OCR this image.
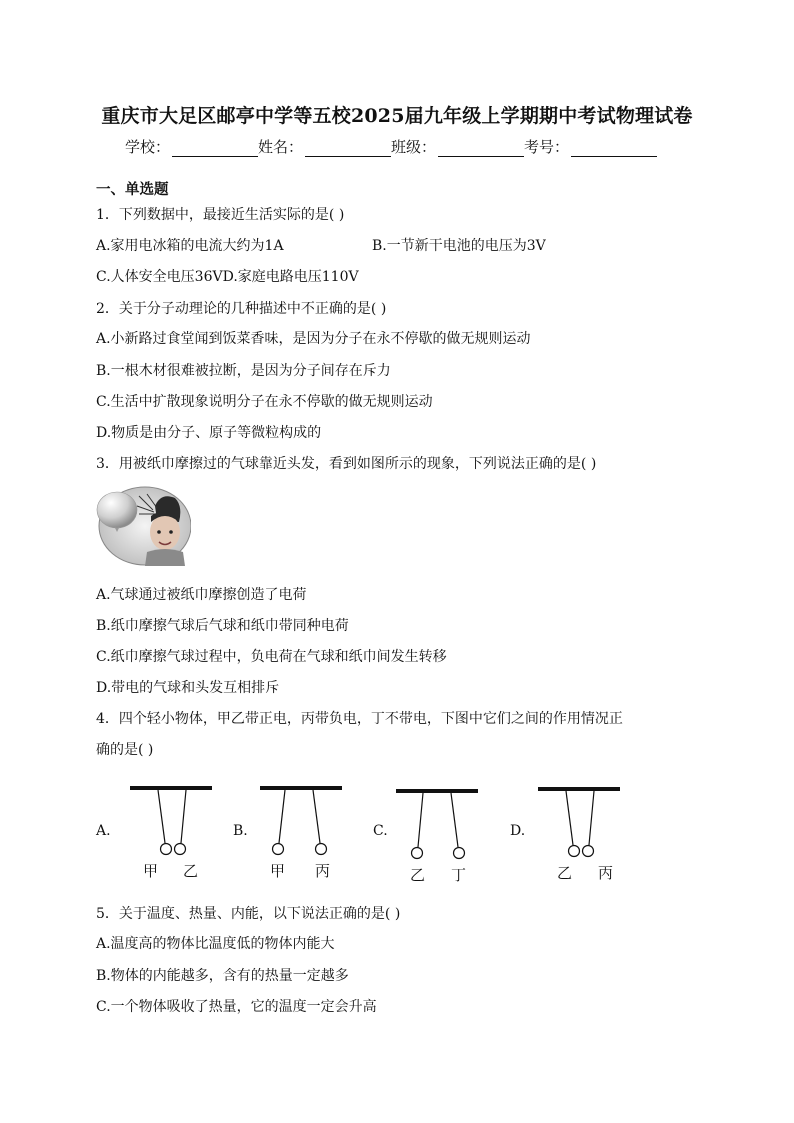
重庆市大足区邮亭中学等五校2025届九年级上学期期中考试物理试卷
学校：	姓名：	班级：	考号：
一、单选题
1．下列数据中，最接近生活实际的是( )
A.家用电冰箱的电流大约为1A	B.一节新干电池的电压为3V
C.人体安全电压36VD.家庭电路电压110V
2．关于分子动理论的几种描述中不正确的是( )
A.小新路过食堂闻到饭菜香味，是因为分子在永不停歇的做无规则运动
B.一根木材很难被拉断，是因为分子间存在斥力
C.生活中扩散现象说明分子在永不停歇的做无规则运动
D.物质是由分子、原子等微粒构成的
3．用被纸巾摩擦过的气球靠近头发，看到如图所示的现象，下列说法正确的是( )
A.气球通过被纸巾摩擦创造了电荷
B.纸巾摩擦气球后气球和纸巾带同种电荷
C.纸巾摩擦气球过程中，负电荷在气球和纸巾间发生转移
D.带电的气球和头发互相排斥
4．四个轻小物体，甲乙带正电，丙带负电，丁不带电，下图中它们之间的作用情况正
确的是( )
A.	B.	C.	D.
甲 乙	甲 丙	乙 丁	乙 丙
5．关于温度、热量、内能，以下说法正确的是( )
A.温度高的物体比温度低的物体内能大
B.物体的内能越多，含有的热量一定越多
C.一个物体吸收了热量，它的温度一定会升高
